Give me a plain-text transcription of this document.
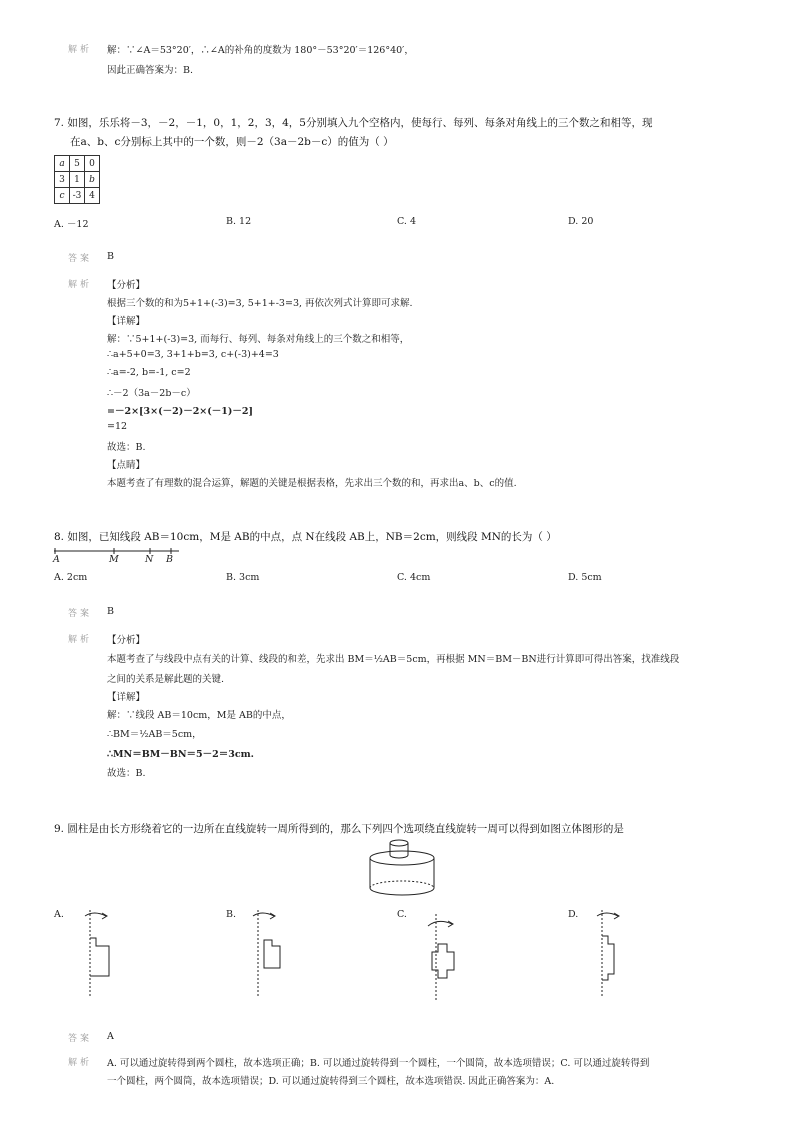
解析 解：∵∠A＝53°20′，∴∠A的补角的度数为 180°－53°20′＝126°40′，
因此正确答案为：B.
7. 如图，乐乐将－3，－2，－1，0，1，2，3，4，5分别填入九个空格内，使每行、每列、每条对角线上的三个数之和相等，现
在a、b、c分别标上其中的一个数，则－2（3a－2b－c）的值为（ ）
a	5	0
3	1	b
c	-3	4
A. －12	B. 12	C. 4	D. 20
答案 B
解析 【分析】
根据三个数的和为5+1+(-3)=3, 5+1+-3=3, 再依次列式计算即可求解.
【详解】
解：∵5+1+(-3)=3, 而每行、每列、每条对角线上的三个数之和相等，
∴a+5+0=3, 3+1+b=3, c+(-3)+4=3
∴a=-2, b=-1, c=2
∴－2（3a－2b－c）
=－2×[3×(－2)－2×(－1)－2]
=12
故选：B.
【点睛】
本题考查了有理数的混合运算，解题的关键是根据表格，先求出三个数的和，再求出a、b、c的值.
8. 如图，已知线段 AB＝10cm，M是 AB的中点，点 N在线段 AB上，NB＝2cm，则线段 MN的长为（ ）
A	M	N B
A. 2cm	B. 3cm	C. 4cm	D. 5cm
答案 B
解析 【分析】
本题考查了与线段中点有关的计算、线段的和差，先求出 BM＝½AB＝5cm，再根据 MN＝BM－BN进行计算即可得出答案，找准线段
之间的关系是解此题的关键.
【详解】
解：∵线段 AB＝10cm，M是 AB的中点，
∴BM＝½AB＝5cm，
∴MN＝BM－BN＝5－2＝3cm.
故选：B.
9. 圆柱是由长方形绕着它的一边所在直线旋转一周所得到的，那么下列四个选项绕直线旋转一周可以得到如图立体图形的是
A.	B.	C.	D.
答案 A
解析 A. 可以通过旋转得到两个圆柱，故本选项正确；B. 可以通过旋转得到一个圆柱，一个圆筒，故本选项错误；C. 可以通过旋转得到
一个圆柱，两个圆筒，故本选项错误；D. 可以通过旋转得到三个圆柱，故本选项错误. 因此正确答案为：A.
